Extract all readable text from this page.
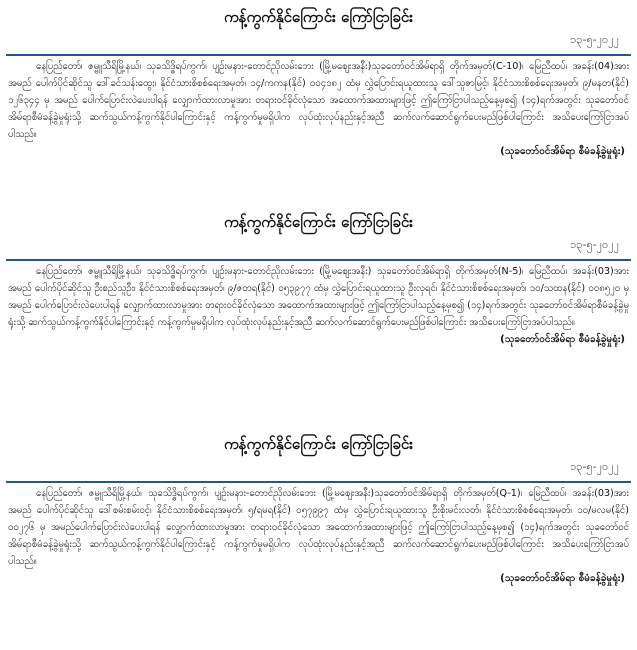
ကန့်ကွက်နိုင်ကြောင်း ကြော်ငြာခြင်း
၁၃-၅-၂၀၂၂
နေပြည်တော်၊ ဇမ္ဗူသီရိမြို့နယ်၊ သုခသိဒ္ဓိရပ်ကွက်၊ ပျဉ်းမနား-တောင်ညိုလမ်းဘေး (မြို့မဈေးအနီး)သုခတော်ဝင်အိမ်ရာရှိ တိုက်အမှတ်(C-10)၊ မြေညီထပ်၊ အခန်း(04)အား အမည် ပေါက်ပိုင်ဆိုင်သူ ဒေါ်ခင်သန်းထွေး၊ နိုင်ငံသားစိစစ်ရေးအမှတ်၊ ၁၄/ကကန(နိုင်) ၀၀၄၁၈၂ ထံမှ လွှဲပြောင်းရယူထားသူ ဒေါ်သူဇာမြင့်၊ နိုင်ငံသားစိစစ်ရေးအမှတ်၊ ၉/မနတ(နိုင်) ၁၂၆၃၄၄ မှ အမည် ပေါက်ပြောင်းလဲပေးပါရန် လျှောက်ထားလာမှုအား တရားဝင်ခိုင်လုံသော အထောက်အထားများဖြင့် ဤကြော်ငြာပါသည့်နေ့မှစ၍ (၁၄)ရက်အတွင်း သုခတော်ဝင်အိမ်ရာစီမံခန့်ခွဲမှုရုံးသို့ ဆက်သွယ်ကန့်ကွက်နိုင်ပါကြောင်းနှင့် ကန့်ကွက်မှုမရှိပါက လုပ်ထုံးလုပ်နည်းနှင့်အညီ ဆက်လက်ဆောင်ရွက်ပေးမည်ဖြစ်ပါကြောင်း အသိပေးကြော်ငြာအပ်ပါသည်။
(သုခတော်ဝင်အိမ်ရာ စီမံခန့်ခွဲမှုရုံး)
ကန့်ကွက်နိုင်ကြောင်း ကြော်ငြာခြင်း
၁၃-၅-၂၀၂၂
နေပြည်တော်၊ ဇမ္ဗူသီရိမြို့နယ်၊ သုခသိဒ္ဓိရပ်ကွက်၊ ပျဉ်းမနား-တောင်ညိုလမ်းဘေး (မြို့မဈေးအနီး) သုခတော်ဝင်အိမ်ရာရှိ တိုက်အမှတ်(N-5)၊ မြေညီထပ်၊ အခန်း(03)အား အမည် ပေါက်ပိုင်ဆိုင်သူ ဦးစည်သူဦး၊ နိုင်ငံသားစိစစ်ရေးအမှတ်၊ ၉/ဇတရ(နိုင်) ၀၅၃၉၇၇ ထံမှ လွှဲပြောင်းရယူထားသူ ဦးလှရင်၊ နိုင်ငံသားစိစစ်ရေးအမှတ်၊ ၁၀/သထန(နိုင်) ၀၀၈၅၂၀ မှ အမည် ပေါက်ပြောင်းလဲပေးပါရန် လျှောက်ထားလာမှုအား တရားဝင်ခိုင်လုံသော အထောက်အထားများဖြင့် ဤကြော်ငြာပါသည့်နေ့မှစ၍ (၁၄)ရက်အတွင်း သုခတော်ဝင်အိမ်ရာစီမံခန့်ခွဲမှုရုံးသို့ ဆက်သွယ်ကန့်ကွက်နိုင်ပါကြောင်းနှင့် ကန့်ကွက်မှုမရှိပါက လုပ်ထုံးလုပ်နည်းနှင့်အညီ ဆက်လက်ဆောင်ရွက်ပေးမည်ဖြစ်ပါကြောင်း အသိပေးကြော်ငြာအပ်ပါသည်။
(သုခတော်ဝင်အိမ်ရာ စီမံခန့်ခွဲမှုရုံး)
ကန့်ကွက်နိုင်ကြောင်း ကြော်ငြာခြင်း
၁၃-၅-၂၀၂၂
နေပြည်တော်၊ ဇမ္ဗူသီရိမြို့နယ်၊ သုခသိဒ္ဓိရပ်ကွက်၊ ပျဉ်းမနား-တောင်ညိုလမ်းဘေး (မြို့မဈေးအနီး)သုခတော်ဝင်အိမ်ရာရှိ တိုက်အမှတ်(Q-1)၊ မြေညီထပ်၊ အခန်း(03)အား အမည် ပေါက်ပိုင်ဆိုင်သူ ဒေါ်စမ်းစမ်းဝင့်၊ နိုင်ငံသားစိစစ်ရေးအမှတ်၊ ၅/ရမရ(နိုင်) ၀၅၇၉၉၇ ထံမှ လွှဲပြောင်းရယူထားသူ ဦးစိုးမင်းလတ်၊ နိုင်ငံသားစိစစ်ရေးအမှတ်၊ ၁၀/မလမ(နိုင်) ၀၀၂၇၆ မှ အမည်ပေါက်ပြောင်းလဲပေးပါရန် လျှောက်ထားလာမှုအား တရားဝင်ခိုင်လုံသော အထောက်အထားများဖြင့် ဤကြော်ငြာပါသည့်နေ့မှစ၍ (၁၄)ရက်အတွင်း သုခတော်ဝင်အိမ်ရာစီမံခန့်ခွဲမှုရုံးသို့ ဆက်သွယ်ကန့်ကွက်နိုင်ပါကြောင်းနှင့် ကန့်ကွက်မှုမရှိပါက လုပ်ထုံးလုပ်နည်းနှင့်အညီ ဆက်လက်ဆောင်ရွက်ပေးမည်ဖြစ်ပါကြောင်း အသိပေးကြော်ငြာအပ်ပါသည်။
(သုခတော်ဝင်အိမ်ရာ စီမံခန့်ခွဲမှုရုံး)
